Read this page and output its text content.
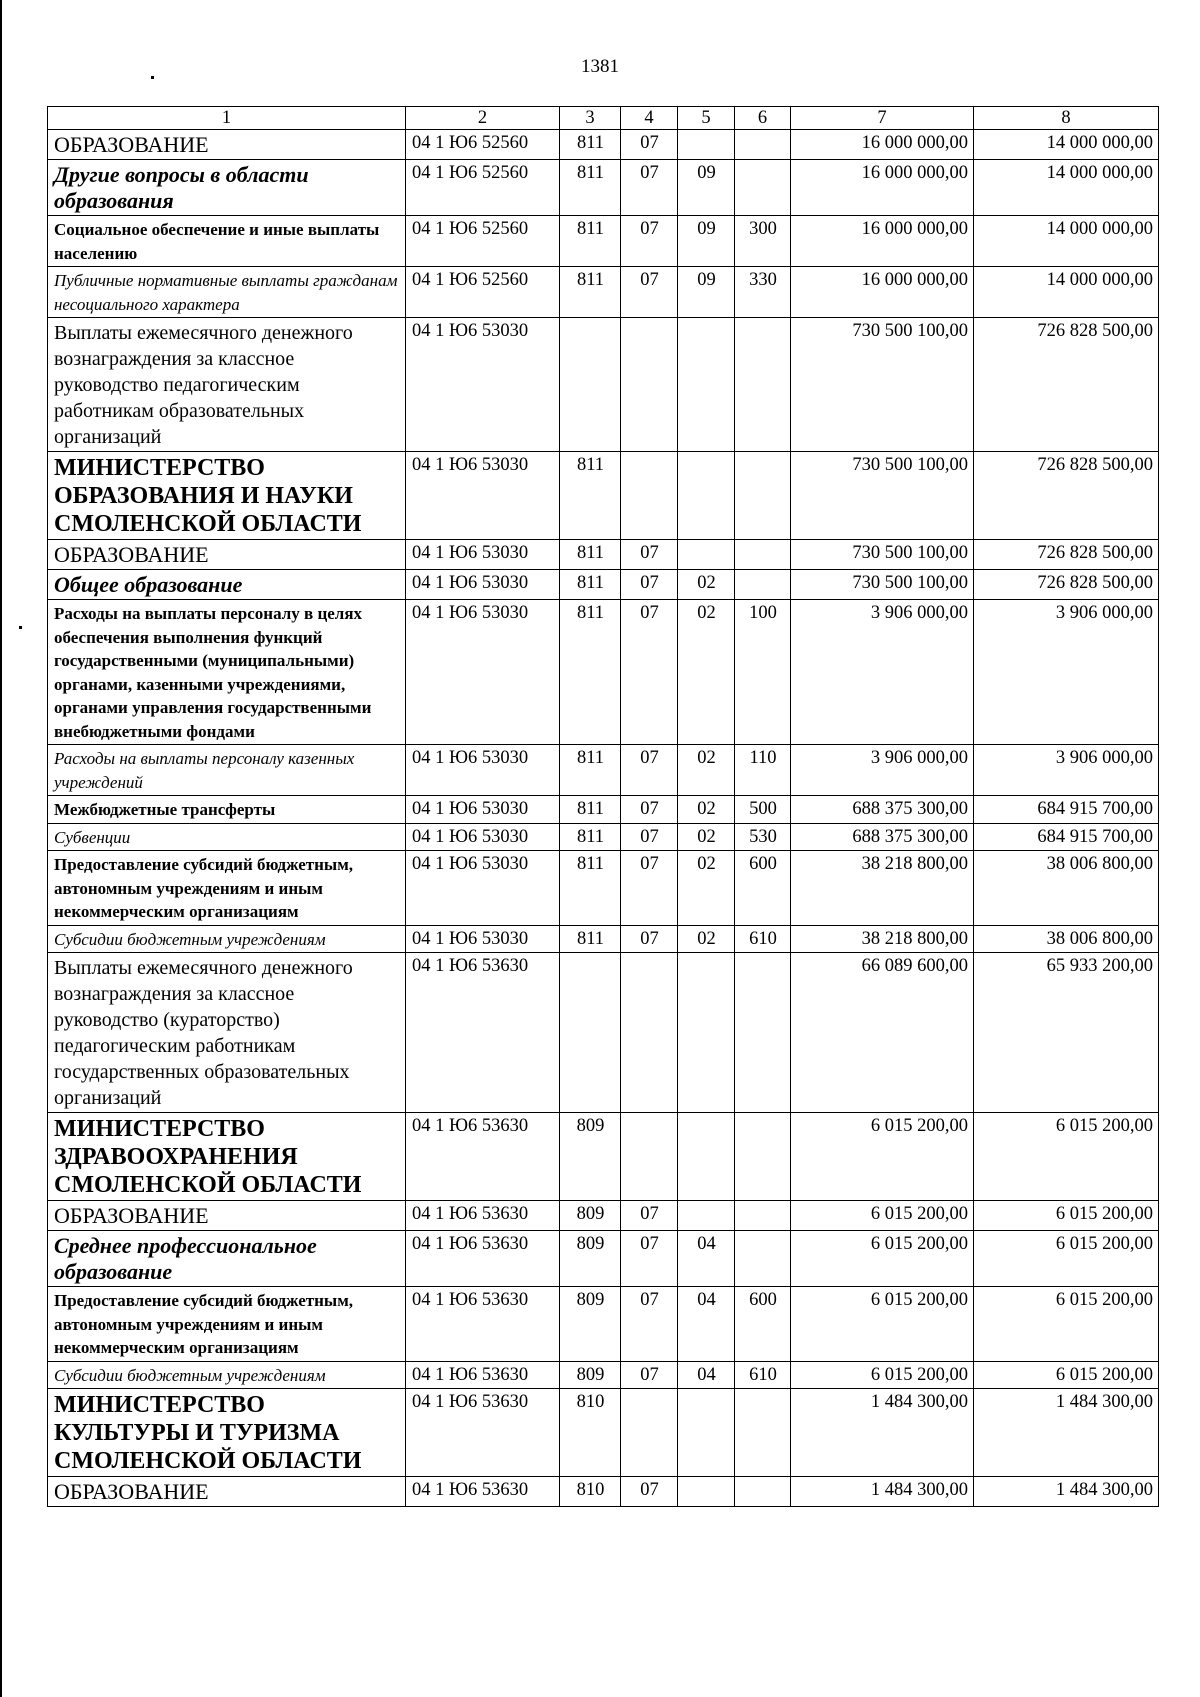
1381
1	2	3	4	5	6	7	8
ОБРАЗОВАНИЕ	04 1 Ю6 52560	811	07			16 000 000,00	14 000 000,00
Другие вопросы в области образования	04 1 Ю6 52560	811	07	09		16 000 000,00	14 000 000,00
Социальное обеспечение и иные выплаты населению	04 1 Ю6 52560	811	07	09	300	16 000 000,00	14 000 000,00
Публичные нормативные выплаты гражданам несоциального характера	04 1 Ю6 52560	811	07	09	330	16 000 000,00	14 000 000,00
Выплаты ежемесячного денежного вознаграждения за классное руководство педагогическим работникам образовательных организаций	04 1 Ю6 53030					730 500 100,00	726 828 500,00
МИНИСТЕРСТВО ОБРАЗОВАНИЯ И НАУКИ СМОЛЕНСКОЙ ОБЛАСТИ	04 1 Ю6 53030	811				730 500 100,00	726 828 500,00
ОБРАЗОВАНИЕ	04 1 Ю6 53030	811	07			730 500 100,00	726 828 500,00
Общее образование	04 1 Ю6 53030	811	07	02		730 500 100,00	726 828 500,00
Расходы на выплаты персоналу в целях обеспечения выполнения функций государственными (муниципальными) органами, казенными учреждениями, органами управления государственными внебюджетными фондами	04 1 Ю6 53030	811	07	02	100	3 906 000,00	3 906 000,00
Расходы на выплаты персоналу казенных учреждений	04 1 Ю6 53030	811	07	02	110	3 906 000,00	3 906 000,00
Межбюджетные трансферты	04 1 Ю6 53030	811	07	02	500	688 375 300,00	684 915 700,00
Субвенции	04 1 Ю6 53030	811	07	02	530	688 375 300,00	684 915 700,00
Предоставление субсидий бюджетным, автономным учреждениям и иным некоммерческим организациям	04 1 Ю6 53030	811	07	02	600	38 218 800,00	38 006 800,00
Субсидии бюджетным учреждениям	04 1 Ю6 53030	811	07	02	610	38 218 800,00	38 006 800,00
Выплаты ежемесячного денежного вознаграждения за классное руководство (кураторство) педагогическим работникам государственных образовательных организаций	04 1 Ю6 53630					66 089 600,00	65 933 200,00
МИНИСТЕРСТВО ЗДРАВООХРАНЕНИЯ СМОЛЕНСКОЙ ОБЛАСТИ	04 1 Ю6 53630	809				6 015 200,00	6 015 200,00
ОБРАЗОВАНИЕ	04 1 Ю6 53630	809	07			6 015 200,00	6 015 200,00
Среднее профессиональное образование	04 1 Ю6 53630	809	07	04		6 015 200,00	6 015 200,00
Предоставление субсидий бюджетным, автономным учреждениям и иным некоммерческим организациям	04 1 Ю6 53630	809	07	04	600	6 015 200,00	6 015 200,00
Субсидии бюджетным учреждениям	04 1 Ю6 53630	809	07	04	610	6 015 200,00	6 015 200,00
МИНИСТЕРСТВО КУЛЬТУРЫ И ТУРИЗМА СМОЛЕНСКОЙ ОБЛАСТИ	04 1 Ю6 53630	810				1 484 300,00	1 484 300,00
ОБРАЗОВАНИЕ	04 1 Ю6 53630	810	07			1 484 300,00	1 484 300,00
